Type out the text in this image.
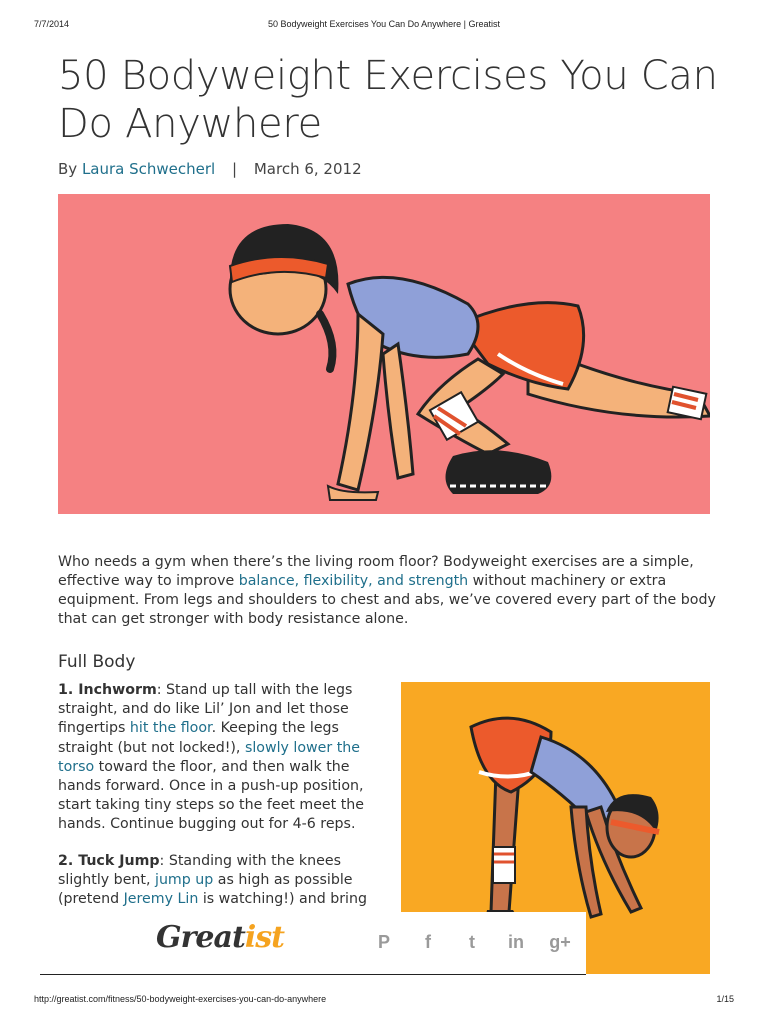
7/7/2014	50 Bodyweight Exercises You Can Do Anywhere | Greatist
50 Bodyweight Exercises You Can Do Anywhere
By Laura Schwecherl | March 6, 2012

Who needs a gym when there’s the living room floor? Bodyweight exercises are a simple, effective way to improve balance, flexibility, and strength without machinery or extra equipment. From legs and shoulders to chest and abs, we’ve covered every part of the body that can get stronger with body resistance alone.

Full Body

1. Inchworm: Stand up tall with the legs straight, and do like Lil’ Jon and let those fingertips hit the floor. Keeping the legs straight (but not locked!), slowly lower the torso toward the floor, and then walk the hands forward. Once in a push-up position, start taking tiny steps so the feet meet the hands. Continue bugging out for 4-6 reps.

2. Tuck Jump: Standing with the knees slightly bent, jump up as high as possible (pretend Jeremy Lin is watching!) and bring

Greatist	P	f	t	in	g+
http://greatist.com/fitness/50-bodyweight-exercises-you-can-do-anywhere	1/15
